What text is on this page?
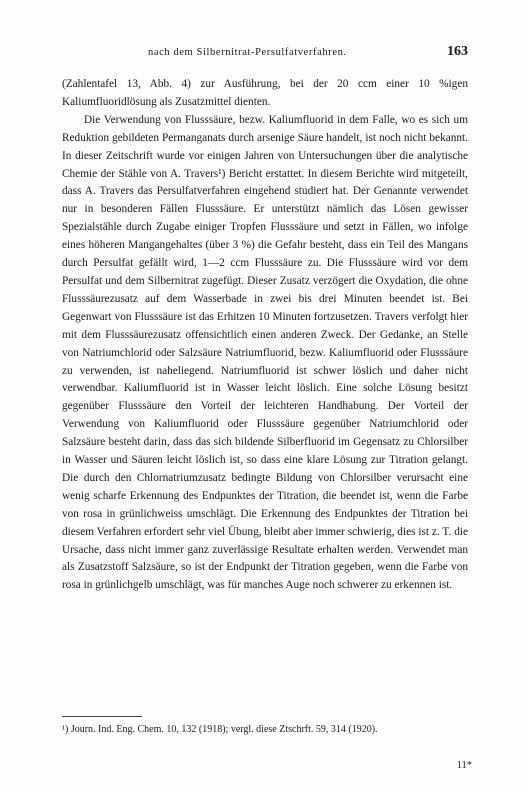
nach dem Silbernitrat-Persulfatverfahren.	163

(Zahlentafel 13, Abb. 4) zur Ausführung, bei der 20 ccm einer 10 %igen Kaliumfluoridlösung als Zusatzmittel dienten.

Die Verwendung von Flusssäure, bezw. Kaliumfluorid in dem Falle, wo es sich um Reduktion gebildeten Permanganats durch arsenige Säure handelt, ist noch nicht bekannt. In dieser Zeitschrift wurde vor einigen Jahren von Untersuchungen über die analytische Chemie der Stähle von A. Travers¹) Bericht erstattet. In diesem Berichte wird mitgeteilt, dass A. Travers das Persulfatverfahren eingehend studiert hat. Der Genannte verwendet nur in besonderen Fällen Flusssäure. Er unterstützt nämlich das Lösen gewisser Spezialstähle durch Zugabe einiger Tropfen Flusssäure und setzt in Fällen, wo infolge eines höheren Mangangehaltes (über 3 %) die Gefahr besteht, dass ein Teil des Mangans durch Persulfat gefällt wird, 1—2 ccm Flusssäure zu. Die Flusssäure wird vor dem Persulfat und dem Silbernitrat zugefügt. Dieser Zusatz verzögert die Oxydation, die ohne Flusssäurezusatz auf dem Wasserbade in zwei bis drei Minuten beendet ist. Bei Gegenwart von Flusssäure ist das Erhitzen 10 Minuten fortzusetzen. Travers verfolgt hier mit dem Flusssäurezusatz offensichtlich einen anderen Zweck. Der Gedanke, an Stelle von Natriumchlorid oder Salzsäure Natriumfluorid, bezw. Kaliumfluorid oder Flusssäure zu verwenden, ist naheliegend. Natriumfluorid ist schwer löslich und daher nicht verwendbar. Kaliumfluorid ist in Wasser leicht löslich. Eine solche Lösung besitzt gegenüber Flusssäure den Vorteil der leichteren Handhabung. Der Vorteil der Verwendung von Kaliumfluorid oder Flusssäure gegenüber Natriumchlorid oder Salzsäure besteht darin, dass das sich bildende Silberfluorid im Gegensatz zu Chlorsilber in Wasser und Säuren leicht löslich ist, so dass eine klare Lösung zur Titration gelangt. Die durch den Chlornatriumzusatz bedingte Bildung von Chlorsilber verursacht eine wenig scharfe Erkennung des Endpunktes der Titration, die beendet ist, wenn die Farbe von rosa in grünlichweiss umschlägt. Die Erkennung des Endpunktes der Titration bei diesem Verfahren erfordert sehr viel Übung, bleibt aber immer schwierig, dies ist z. T. die Ursache, dass nicht immer ganz zuverlässige Resultate erhalten werden. Verwendet man als Zusatzstoff Salzsäure, so ist der Endpunkt der Titration gegeben, wenn die Farbe von rosa in grünlichgelb umschlägt, was für manches Auge noch schwerer zu erkennen ist.

¹) Journ. Ind. Eng. Chem. 10, 132 (1918); vergl. diese Ztschrft. 59, 314 (1920).
11*
